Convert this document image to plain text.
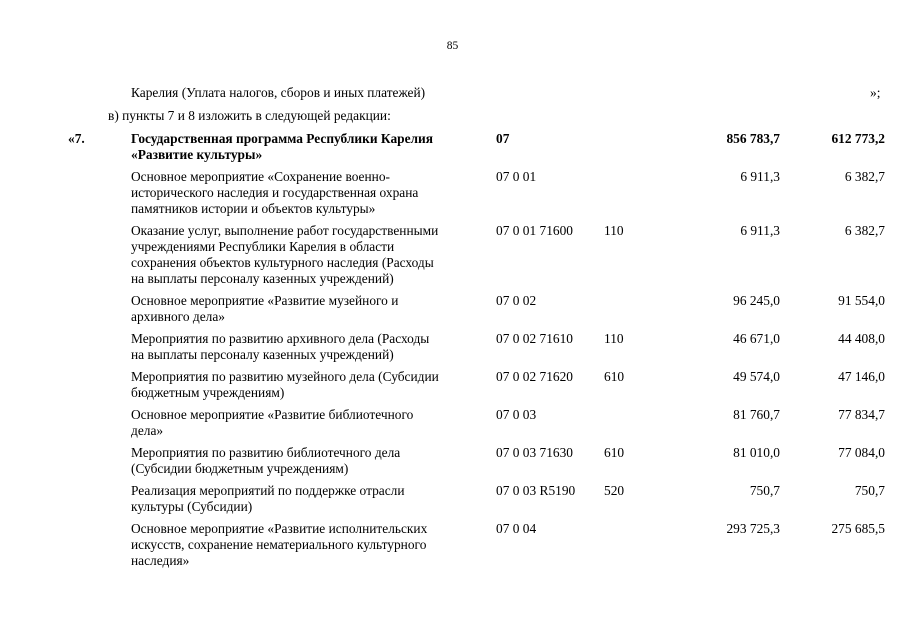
85
Карелия (Уплата налогов, сборов и иных платежей)	»;
в) пункты 7 и 8 изложить в следующей редакции:
«7.	Государственная программа Республики Карелия
«Развитие культуры»	07		856 783,7	612 773,2

	Основное мероприятие «Сохранение военно-
исторического наследия и государственная охрана
памятников истории и объектов культуры»	07 0 01		6 911,3	6 382,7

	Оказание услуг, выполнение работ государственными
учреждениями Республики Карелия в области
сохранения объектов культурного наследия (Расходы
на выплаты персоналу казенных учреждений)	07 0 01 71600	110	6 911,3	6 382,7

	Основное мероприятие «Развитие музейного и
архивного дела»	07 0 02		96 245,0	91 554,0

	Мероприятия по развитию архивного дела (Расходы
на выплаты персоналу казенных учреждений)	07 0 02 71610	110	46 671,0	44 408,0

	Мероприятия по развитию музейного дела (Субсидии
бюджетным учреждениям)	07 0 02 71620	610	49 574,0	47 146,0

	Основное мероприятие «Развитие библиотечного
дела»	07 0 03		81 760,7	77 834,7

	Мероприятия по развитию библиотечного дела
(Субсидии бюджетным учреждениям)	07 0 03 71630	610	81 010,0	77 084,0

	Реализация мероприятий по поддержке отрасли
культуры (Субсидии)	07 0 03 R5190	520	750,7	750,7

	Основное мероприятие «Развитие исполнительских
искусств, сохранение нематериального культурного
наследия»	07 0 04		293 725,3	275 685,5
